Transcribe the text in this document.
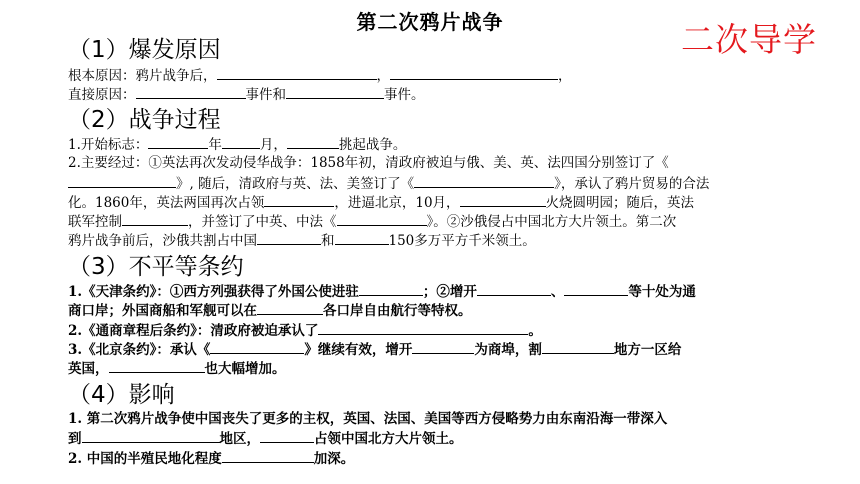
第二次鸦片战争	二次导学
（1）爆发原因
根本原因：鸦片战争后，	，	，
直接原因：	事件和	事件。
（2）战争过程
1.开始标志：	年	月，	挑起战争。
2.主要经过：①英法再次发动侵华战争：1858年初，清政府被迫与俄、美、英、法四国分别签订了《
》, 随后，清政府与英、法、美签订了《	》，承认了鸦片贸易的合法
化。1860年，英法两国再次占领	，进逼北京，10月，	火烧圆明园；随后，英法
联军控制	，并签订了中英、中法《	》。②沙俄侵占中国北方大片领土。第二次
鸦片战争前后，沙俄共割占中国	和	150多万平方千米领土。
（3）不平等条约
1.《天津条约》：①西方列强获得了外国公使进驻	；②增开	、	等十处为通
商口岸；外国商船和军舰可以在	各口岸自由航行等特权。
2.《通商章程后条约》：清政府被迫承认了	。
3.《北京条约》：承认《	》继续有效，增开	为商埠，割	地方一区给
英国，	也大幅增加。
（4）影响
1. 第二次鸦片战争使中国丧失了更多的主权，英国、法国、美国等西方侵略势力由东南沿海一带深入
到	地区，	占领中国北方大片领土。
2. 中国的半殖民地化程度	加深。
